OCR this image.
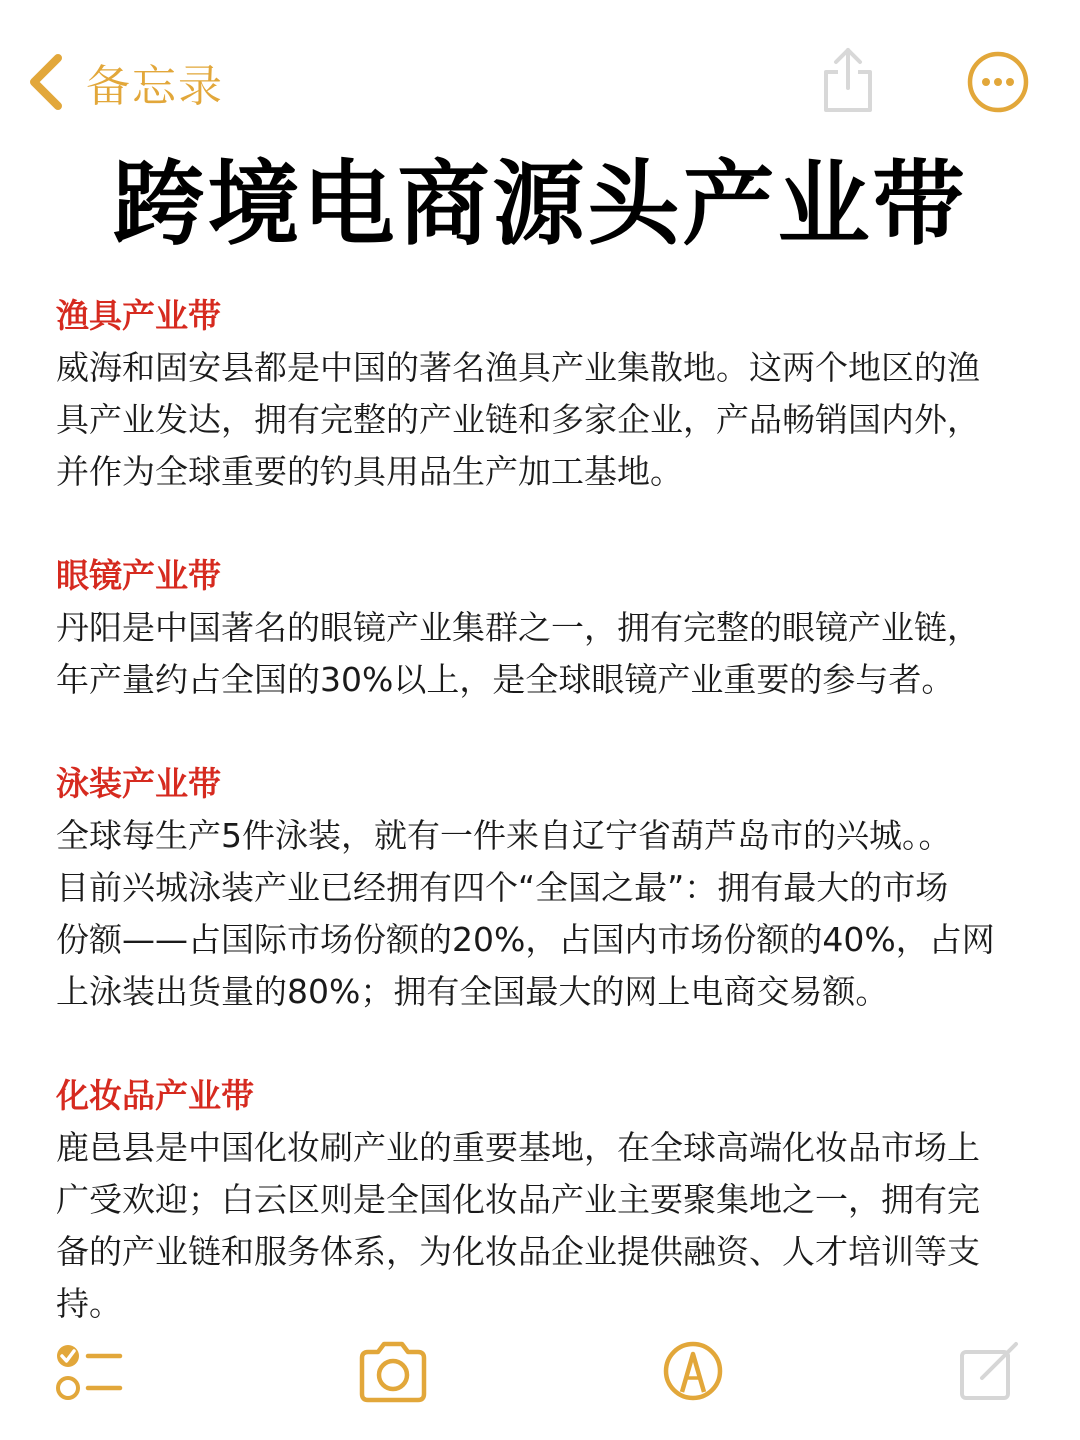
备忘录
跨境电商源头产业带
渔具产业带
威海和固安县都是中国的著名渔具产业集散地。这两个地区的渔
具产业发达，拥有完整的产业链和多家企业，产品畅销国内外，
并作为全球重要的钓具用品生产加工基地。
眼镜产业带
丹阳是中国著名的眼镜产业集群之一，拥有完整的眼镜产业链，
年产量约占全国的30%以上，是全球眼镜产业重要的参与者。
泳装产业带
全球每生产5件泳装，就有一件来自辽宁省葫芦岛市的兴城。。
目前兴城泳装产业已经拥有四个“全国之最”：拥有最大的市场
份额——占国际市场份额的20%，占国内市场份额的40%，占网
上泳装出货量的80%；拥有全国最大的网上电商交易额。
化妆品产业带
鹿邑县是中国化妆刷产业的重要基地，在全球高端化妆品市场上
广受欢迎；白云区则是全国化妆品产业主要聚集地之一，拥有完
备的产业链和服务体系，为化妆品企业提供融资、人才培训等支
持。
